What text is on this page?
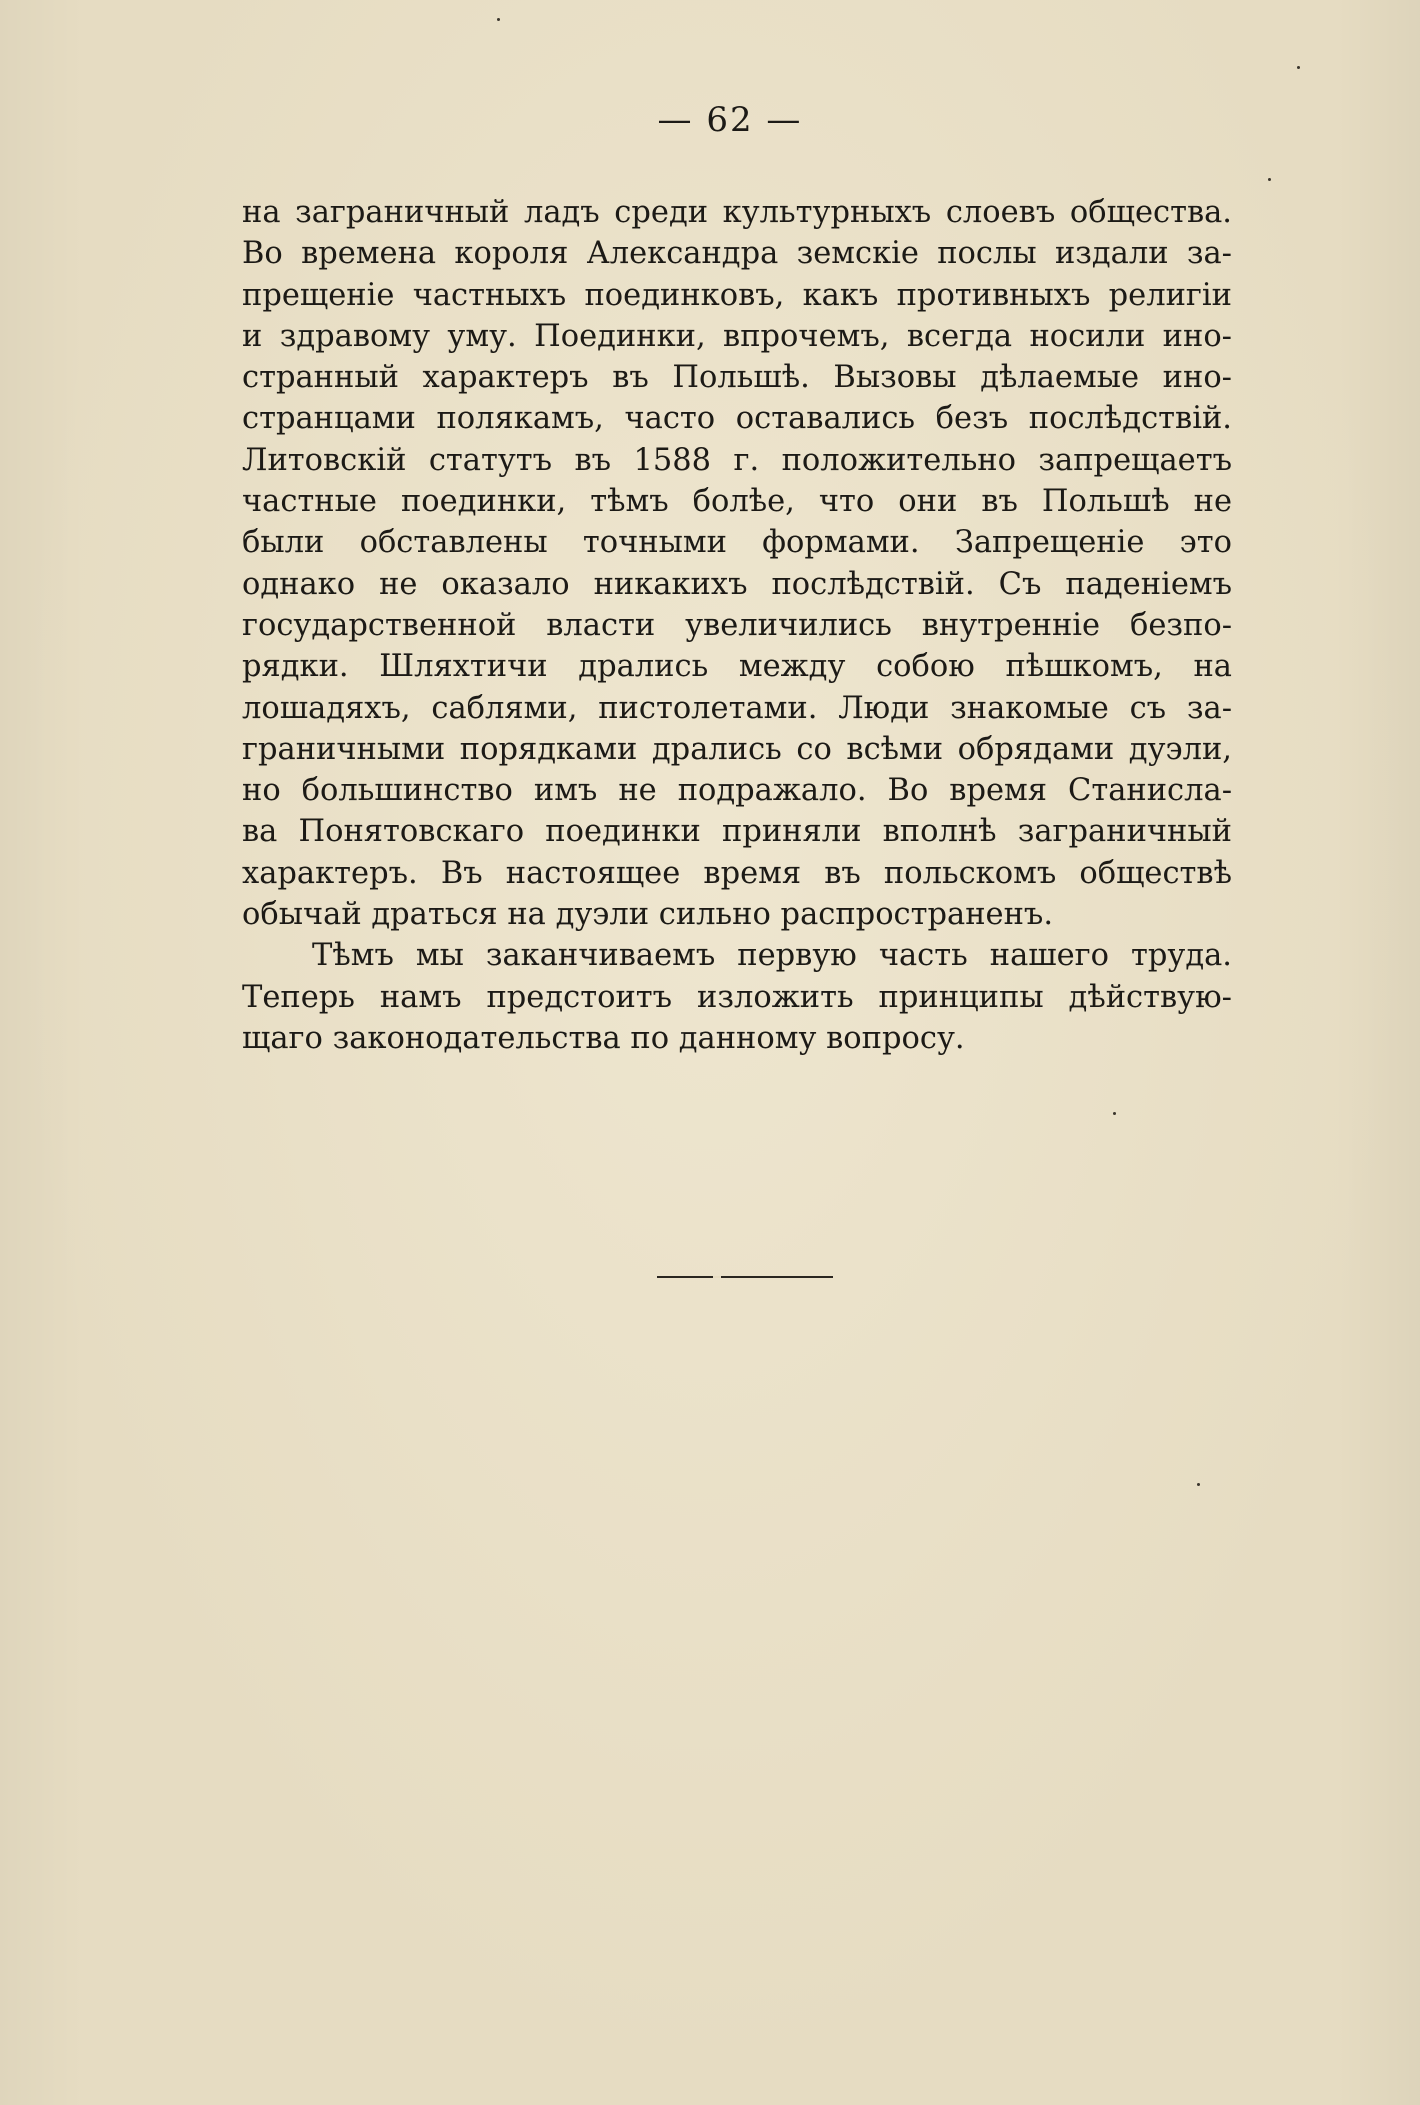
— 62 —
на заграничный ладъ среди культурныхъ слоевъ общества.
Во времена короля Александра земскiе послы издали за-
прещенiе частныхъ поединковъ, какъ противныхъ религiи
и здравому уму. Поединки, впрочемъ, всегда носили ино-
странный характеръ въ Польшѣ. Вызовы дѣлаемые ино-
странцами полякамъ, часто оставались безъ послѣдствiй.
Литовскiй статутъ въ 1588 г. положительно запрещаетъ
частные поединки, тѣмъ болѣе, что они въ Польшѣ не
были обставлены точными формами. Запрещенiе это
однако не оказало никакихъ послѣдствiй. Съ паденiемъ
государственной власти увеличились внутреннiе безпо-
рядки. Шляхтичи дрались между собою пѣшкомъ, на
лошадяхъ, саблями, пистолетами. Люди знакомые съ за-
граничными порядками дрались со всѣми обрядами дуэли,
но большинство имъ не подражало. Во время Станисла-
ва Понятовскаго поединки приняли вполнѣ заграничный
характеръ. Въ настоящее время въ польскомъ обществѣ
обычай драться на дуэли сильно распространенъ.
Тѣмъ мы заканчиваемъ первую часть нашего труда.
Теперь намъ предстоитъ изложить принципы дѣйствую-
щаго законодательства по данному вопросу.
